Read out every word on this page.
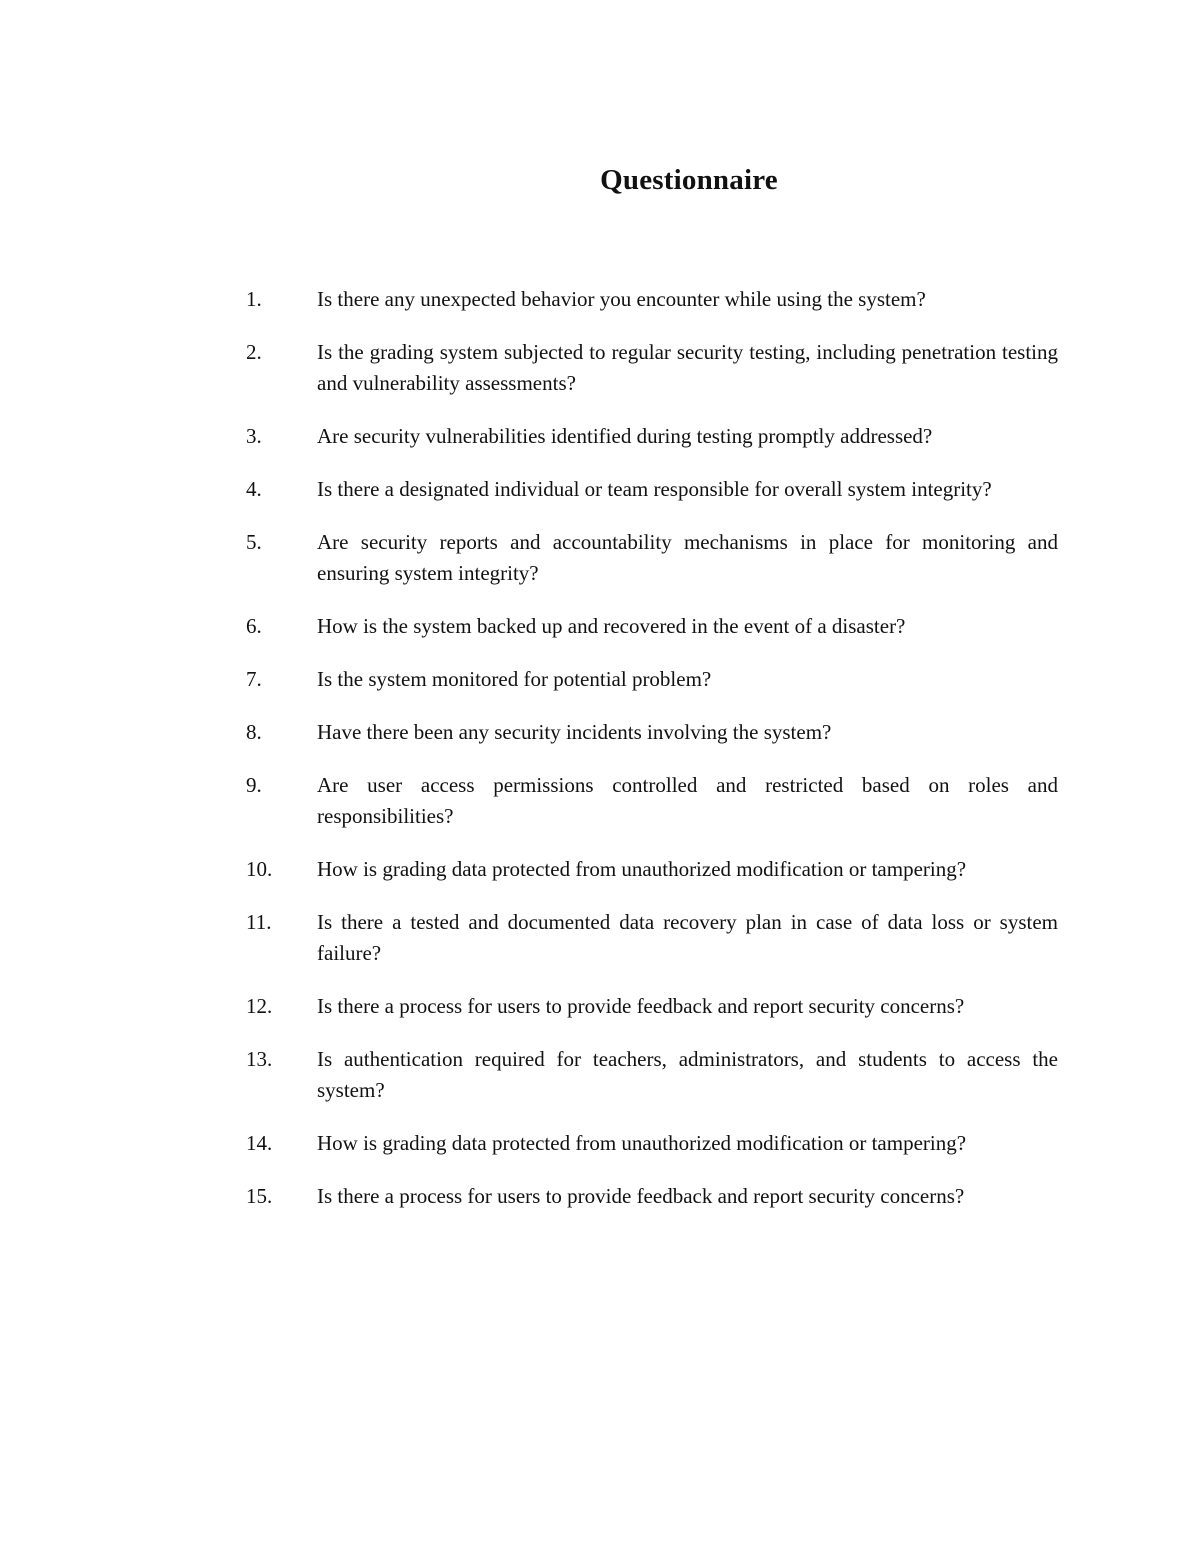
Questionnaire
1.	Is there any unexpected behavior you encounter while using the system?
2.	Is the grading system subjected to regular security testing, including penetration testing and vulnerability assessments?
3.	Are security vulnerabilities identified during testing promptly addressed?
4.	Is there a designated individual or team responsible for overall system integrity?
5.	Are security reports and accountability mechanisms in place for monitoring and ensuring system integrity?
6.	How is the system backed up and recovered in the event of a disaster?
7.	Is the system monitored for potential problem?
8.	Have there been any security incidents involving the system?
9.	Are user access permissions controlled and restricted based on roles and responsibilities?
10.	How is grading data protected from unauthorized modification or tampering?
11.	Is there a tested and documented data recovery plan in case of data loss or system failure?
12.	Is there a process for users to provide feedback and report security concerns?
13.	Is authentication required for teachers, administrators, and students to access the system?
14.	How is grading data protected from unauthorized modification or tampering?
15.	Is there a process for users to provide feedback and report security concerns?
